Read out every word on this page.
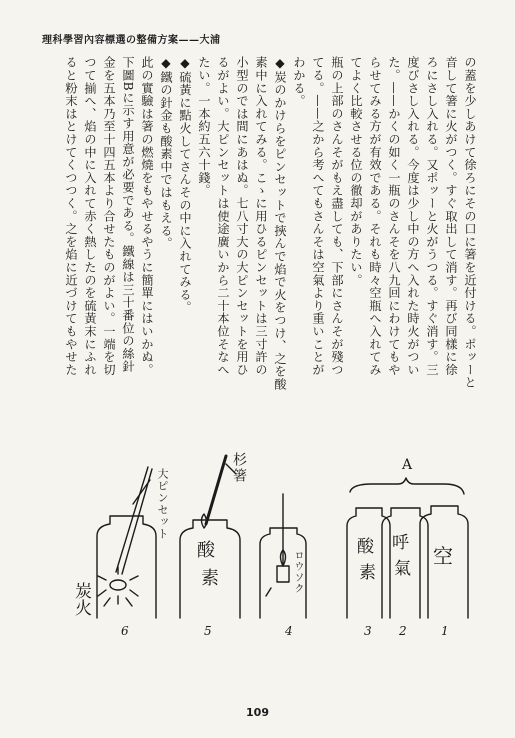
理科學習內容標選の整備方案——大浦
の蓋を少しあけて徐ろにその口に箸を近付ける。ポッーと
音して箸に火がつく。すぐ取出して消す。再び同樣に徐
ろにさし入れる。又ポッーと火がうつる。すぐ消す。三
度びさし入れる。今度は少し中の方へ入れた時火がつい
た。——かくの如く一瓶のさんそを八九回にわけてもや
らせてみる方が有效である。それも時々空瓶へ入れてみ
てよく比較させる位の徹却がありたい。
瓶の上部のさんそがもえ盡しても、下部にさんそが殘つ
てる。——之から考へてもさんそは空氣より重いことが
わかる。
◆炭のかけらをピンセットで挾んで焰で火をつけ、之を酸
素中に入れてみる。こゝに用ひるピンセットは三寸許の
小型のでは間にあはぬ。七八寸大の大ピンセットを用ひ
るがよい。大ピンセットは使途廣いから二十本位そなへ
たい。一本約五六十錢。
◆硫黃に點火してさんその中に入れてみる。
◆鐵の針金も酸素中ではもえる。
此の實驗は箸の燃燒をもやせるやうに簡單にはいかぬ。
下圖Bに示す用意が必要である。鐵線は三十番位の絲針
金を五本乃至十四五本より合せたものがよい。一端を切
つて揃へ、焰の中に入れて赤く熱したのを硫黃末にふれ
ると粉末はとけてくつつく。之を焰に近づけてもやせた
A
大ピンセット	杉箸
ロウソク
炭火
酸
素
酸
素
呼
氣
空
6	5	4	3 2	1
109
